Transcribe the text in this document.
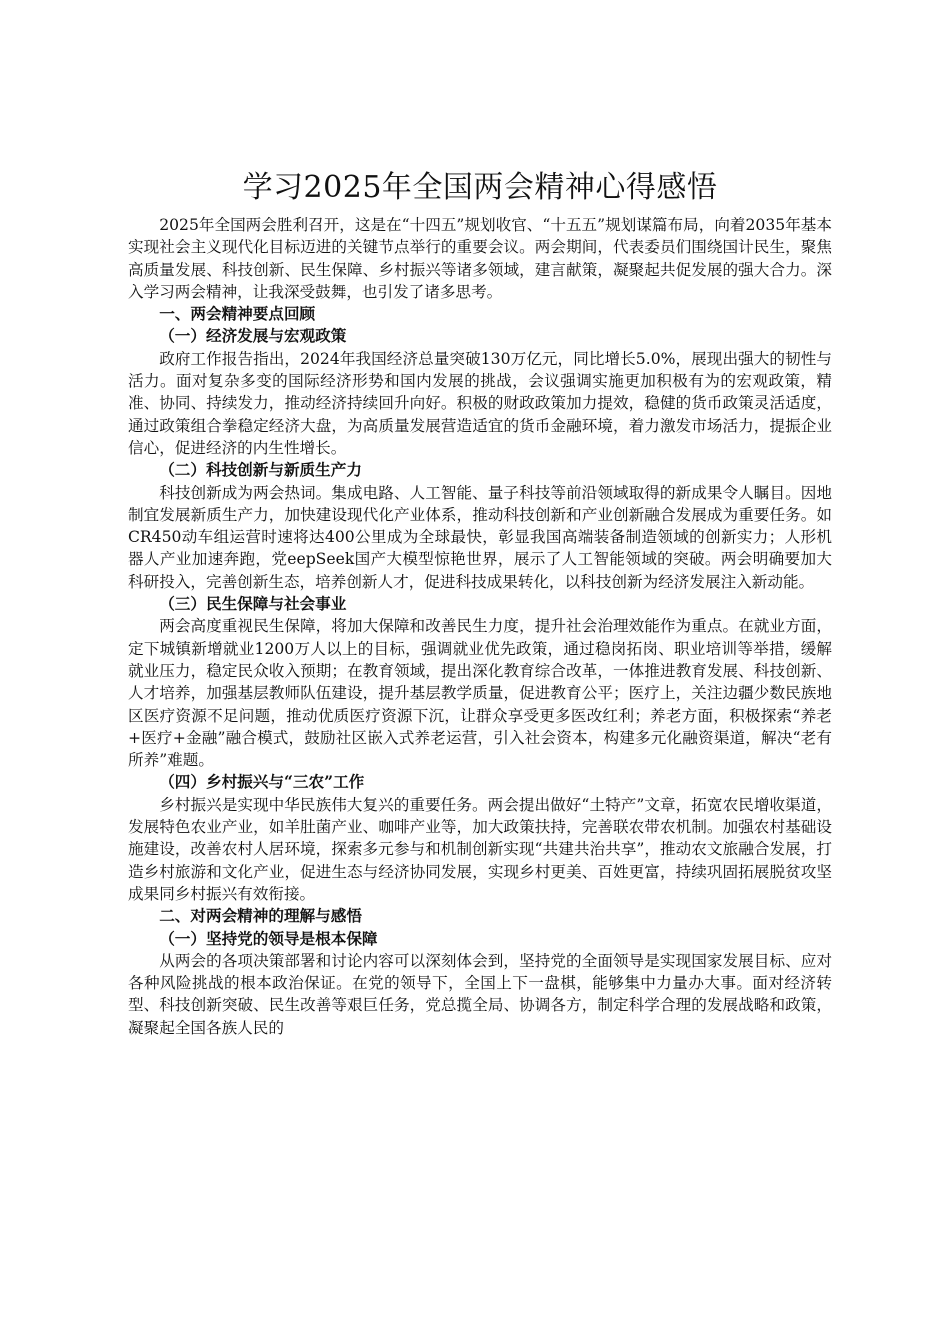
学习2025年全国两会精神心得感悟

2025年全国两会胜利召开，这是在“十四五”规划收官、“十五五”规划谋篇布局，向着2035年基本实现社会主义现代化目标迈进的关键节点举行的重要会议。两会期间，代表委员们围绕国计民生，聚焦高质量发展、科技创新、民生保障、乡村振兴等诸多领域，建言献策，凝聚起共促发展的强大合力。深入学习两会精神，让我深受鼓舞，也引发了诸多思考。

一、两会精神要点回顾
（一）经济发展与宏观政策

政府工作报告指出，2024年我国经济总量突破130万亿元，同比增长5.0%，展现出强大的韧性与活力。面对复杂多变的国际经济形势和国内发展的挑战，会议强调实施更加积极有为的宏观政策，精准、协同、持续发力，推动经济持续回升向好。积极的财政政策加力提效，稳健的货币政策灵活适度，通过政策组合拳稳定经济大盘，为高质量发展营造适宜的货币金融环境，着力激发市场活力，提振企业信心，促进经济的内生性增长。

（二）科技创新与新质生产力

科技创新成为两会热词。集成电路、人工智能、量子科技等前沿领域取得的新成果令人瞩目。因地制宜发展新质生产力，加快建设现代化产业体系，推动科技创新和产业创新融合发展成为重要任务。如CR450动车组运营时速将达400公里成为全球最快，彰显我国高端装备制造领域的创新实力；人形机器人产业加速奔跑，党eepSeek国产大模型惊艳世界，展示了人工智能领域的突破。两会明确要加大科研投入，完善创新生态，培养创新人才，促进科技成果转化，以科技创新为经济发展注入新动能。

（三）民生保障与社会事业

两会高度重视民生保障，将加大保障和改善民生力度，提升社会治理效能作为重点。在就业方面，定下城镇新增就业1200万人以上的目标，强调就业优先政策，通过稳岗拓岗、职业培训等举措，缓解就业压力，稳定民众收入预期；在教育领域，提出深化教育综合改革，一体推进教育发展、科技创新、人才培养，加强基层教师队伍建设，提升基层教学质量，促进教育公平；医疗上，关注边疆少数民族地区医疗资源不足问题，推动优质医疗资源下沉，让群众享受更多医改红利；养老方面，积极探索“养老+医疗+金融”融合模式，鼓励社区嵌入式养老运营，引入社会资本，构建多元化融资渠道，解决“老有所养”难题。

（四）乡村振兴与“三农”工作

乡村振兴是实现中华民族伟大复兴的重要任务。两会提出做好“土特产”文章，拓宽农民增收渠道，发展特色农业产业，如羊肚菌产业、咖啡产业等，加大政策扶持，完善联农带农机制。加强农村基础设施建设，改善农村人居环境，探索多元参与和机制创新实现“共建共治共享”，推动农文旅融合发展，打造乡村旅游和文化产业，促进生态与经济协同发展，实现乡村更美、百姓更富，持续巩固拓展脱贫攻坚成果同乡村振兴有效衔接。

二、对两会精神的理解与感悟
（一）坚持党的领导是根本保障

从两会的各项决策部署和讨论内容可以深刻体会到，坚持党的全面领导是实现国家发展目标、应对各种风险挑战的根本政治保证。在党的领导下，全国上下一盘棋，能够集中力量办大事。面对经济转型、科技创新突破、民生改善等艰巨任务，党总揽全局、协调各方，制定科学合理的发展战略和政策，凝聚起全国各族人民的
